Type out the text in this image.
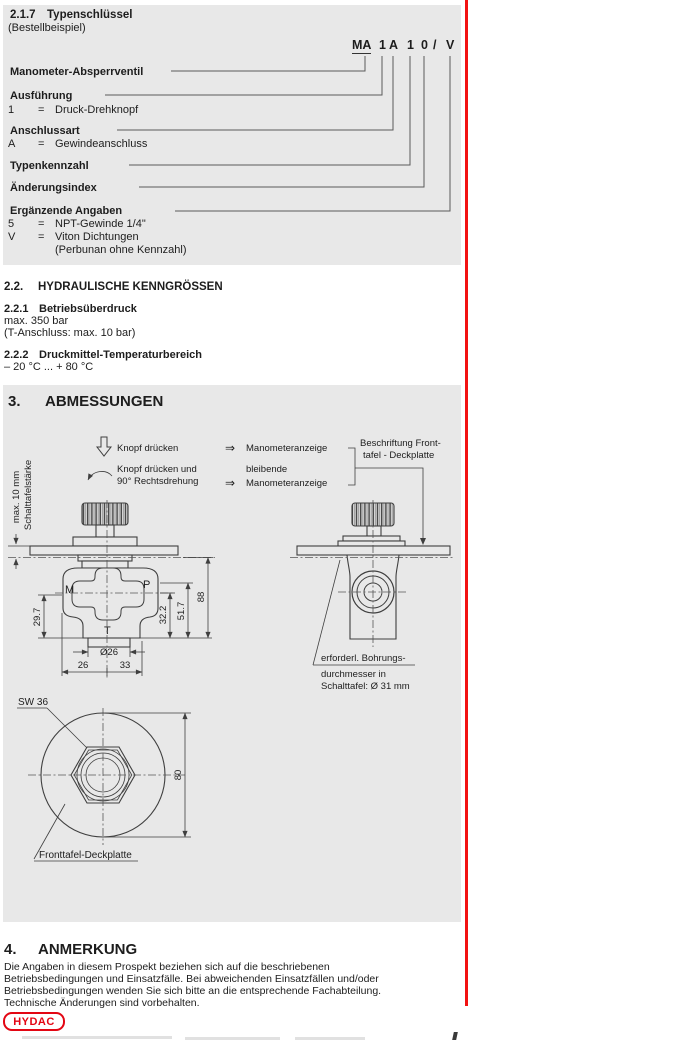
2.1.7 Typenschlüssel
(Bestellbeispiel)
MA 1 A 1 0 / V
Manometer-Absperrventil
Ausführung
1 = Druck-Drehknopf
Anschlussart
A = Gewindeanschluss
Typenkennzahl
Änderungsindex
Ergänzende Angaben
5 = NPT-Gewinde 1/4"
V = Viton Dichtungen
(Perbunan ohne Kennzahl)
2.2. HYDRAULISCHE KENNGRÖSSEN
2.2.1 Betriebsüberdruck
max. 350 bar
(T-Anschluss: max. 10 bar)
2.2.2 Druckmittel-Temperaturbereich
– 20 °C ... + 80 °C
3. ABMESSUNGEN
Knopf drücken	⇒ Manometeranzeige
Knopf drücken und
90° Rechtsdrehung
bleibende
⇒ Manometeranzeige
Beschriftung Front-
tafel - Deckplatte
max. 10 mm Schalttafelstärke
M	P
T
29.7	32.2 51.7
88
Ø26
26	33
erforderl. Bohrungs-
durchmesser in
Schalttafel: Ø 31 mm
SW 36
80
Fronttafel-Deckplatte
4. ANMERKUNG
Die Angaben in diesem Prospekt beziehen sich auf die beschriebenen
Betriebsbedingungen und Einsatzfälle. Bei abweichenden Einsatzfällen und/oder
Betriebsbedingungen wenden Sie sich bitte an die entsprechende Fachabteilung.
Technische Änderungen sind vorbehalten.
HYDAC
